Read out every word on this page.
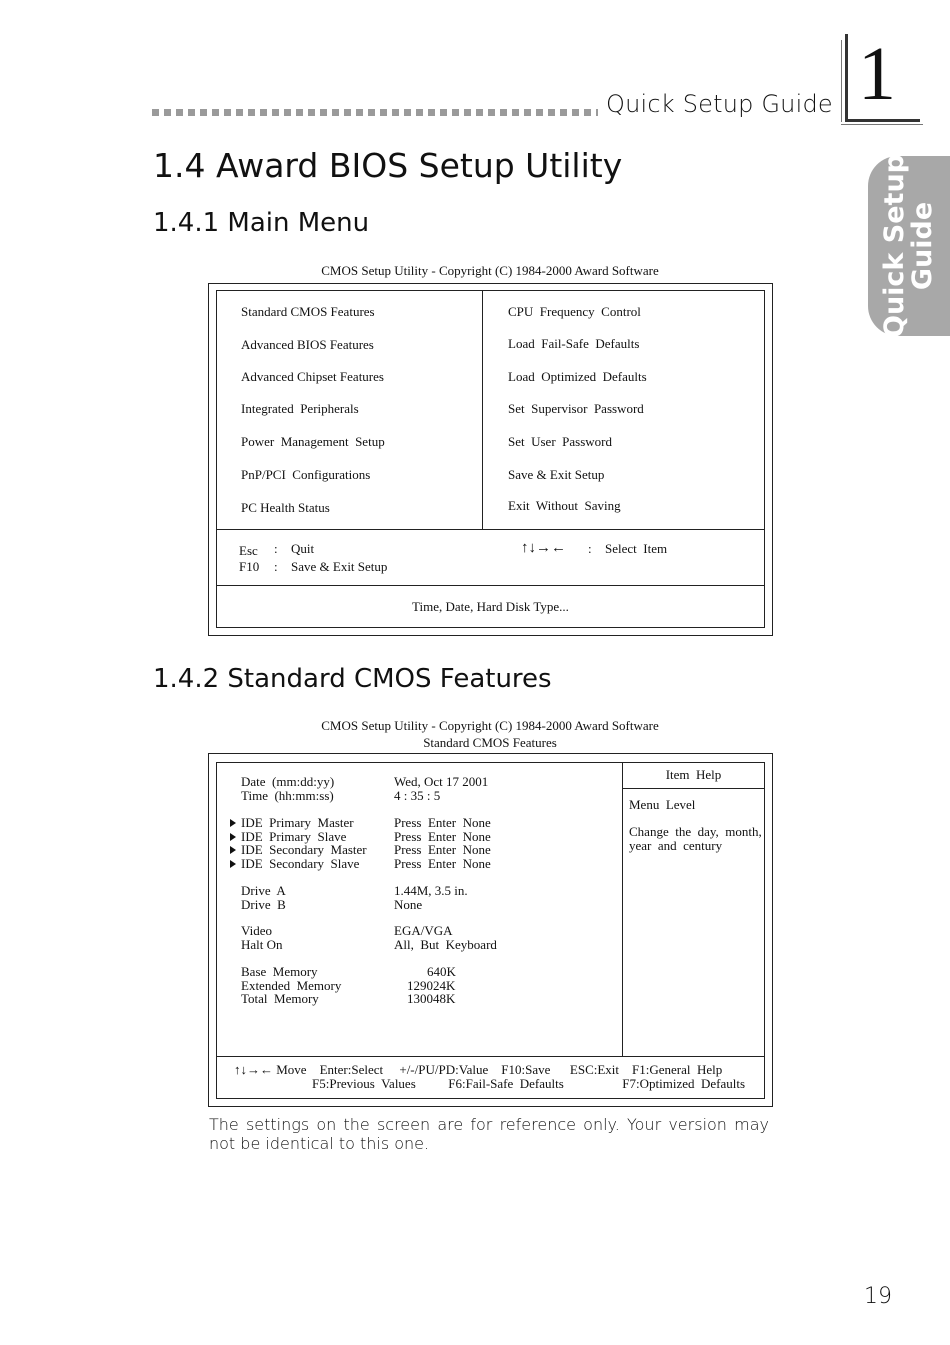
Quick Setup Guide 1
Quick Setup
Guide
1.4 Award BIOS Setup Utility
1.4.1 Main Menu
CMOS Setup Utility - Copyright (C) 1984-2000 Award Software
Standard CMOS Features
Advanced BIOS Features
Advanced Chipset Features
Integrated  Peripherals
Power  Management  Setup
PnP/PCI  Configurations
PC Health Status
CPU  Frequency  Control
Load  Fail-Safe  Defaults
Load  Optimized  Defaults
Set  Supervisor  Password
Set  User  Password
Save & Exit Setup
Exit  Without  Saving
Esc : Quit
F10 : Save & Exit Setup
↑↓→← : Select  Item
Time, Date, Hard Disk Type...
1.4.2 Standard CMOS Features
CMOS Setup Utility - Copyright (C) 1984-2000 Award Software
Standard CMOS Features
Date  (mm:dd:yy)	Wed, Oct 17 2001
Time  (hh:mm:ss)	4 : 35 : 5
IDE  Primary  Master	Press  Enter  None
IDE  Primary  Slave	Press  Enter  None
IDE  Secondary  Master Press  Enter  None
IDE  Secondary  Slave	Press  Enter  None
Drive  A	1.44M, 3.5 in.
Drive  B	None
Video	EGA/VGA
Halt On	All,  But  Keyboard
Base  Memory	640K
Extended  Memory	129024K
Total  Memory	130048K
Item  Help
Menu  Level
Change  the  day,  month,
year  and  century
↑↓→← Move    Enter:Select     +/-/PU/PD:Value    F10:Save      ESC:Exit    F1:General  Help
F5:Previous  Values          F6:Fail-Safe  Defaults                  F7:Optimized  Defaults
The settings on the screen are for reference only. Your version may not be identical to this one.
19
